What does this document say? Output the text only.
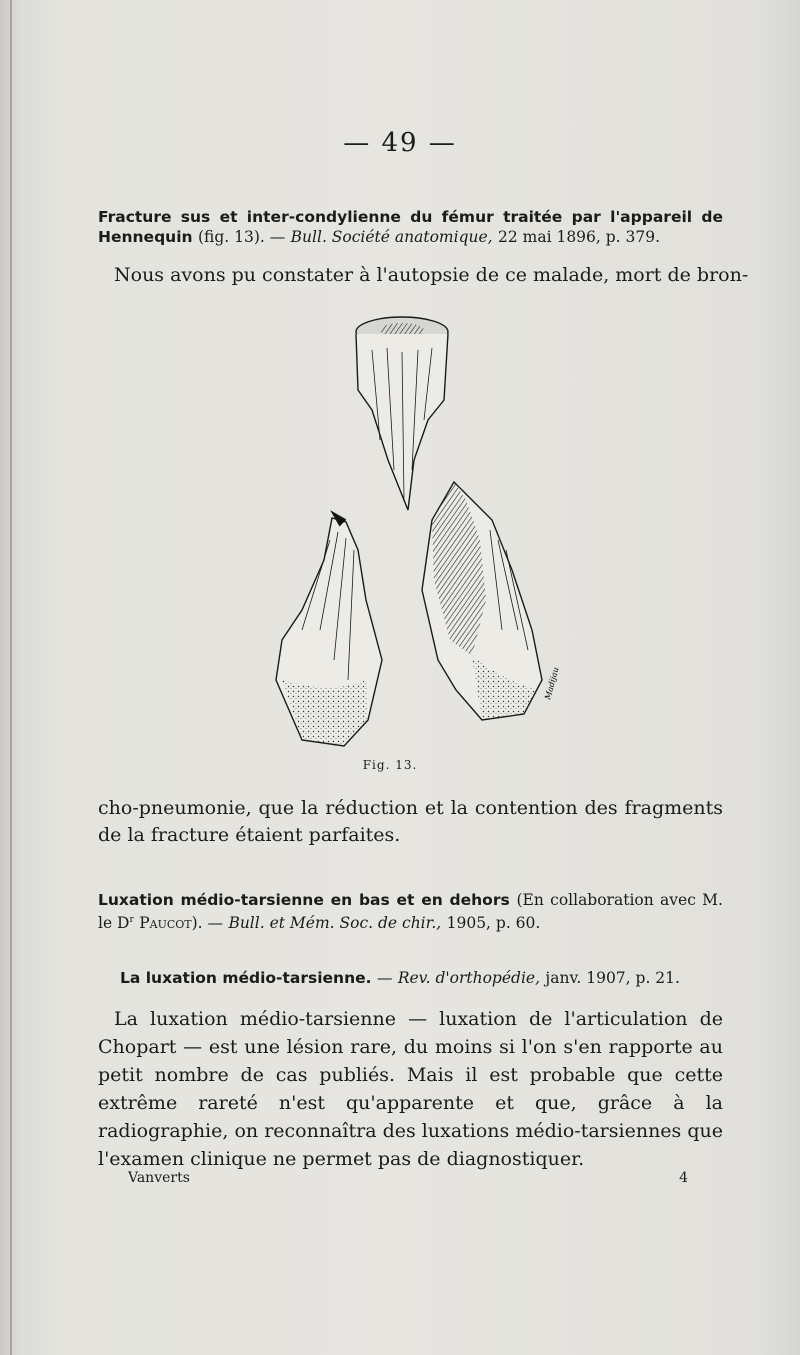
— 49 —
Fracture sus et inter-condylienne du fémur traitée par l'appareil de Hennequin (fig. 13). — Bull. Société anatomique, 22 mai 1896, p. 379.
Nous avons pu constater à l'autopsie de ce malade, mort de bron-
Madijau
Fig. 13.
cho-pneumonie, que la réduction et la contention des fragments de la fracture étaient parfaites.
Luxation médio-tarsienne en bas et en dehors (En collaboration avec M. le $D^r$ Paucot). — Bull. et Mém. Soc. de chir., 1905, p. 60.
La luxation médio-tarsienne. — Rev. d'orthopédie, janv. 1907, p. 21.
La luxation médio-tarsienne — luxation de l'articulation de Chopart — est une lésion rare, du moins si l'on s'en rapporte au petit nombre de cas publiés. Mais il est probable que cette extrême rareté n'est qu'apparente et que, grâce à la radiographie, on reconnaîtra des luxations médio-tarsiennes que l'examen clinique ne permet pas de diagnostiquer.
Vanverts	4
